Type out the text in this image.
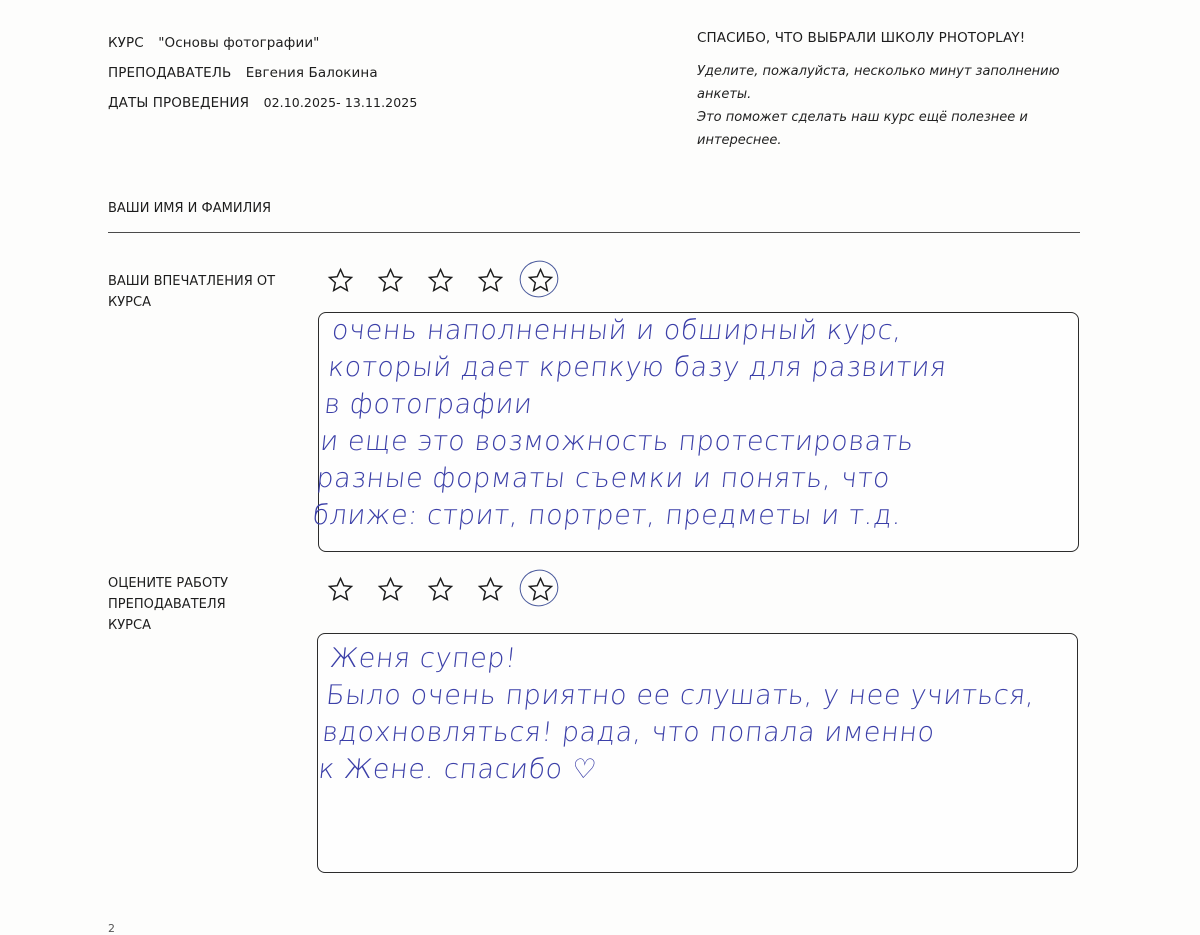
КУРС "Основы фотографии"
ПРЕПОДАВАТЕЛЬ Евгения Балокина
ДАТЫ ПРОВЕДЕНИЯ 02.10.2025- 13.11.2025
СПАСИБО, ЧТО ВЫБРАЛИ ШКОЛУ PHOTOPLAY!
Уделите, пожалуйста, несколько минут заполнению
анкеты.
Это поможет сделать наш курс ещё полезнее и
интереснее.
ВАШИ ИМЯ И ФАМИЛИЯ
ВАШИ ВПЕЧАТЛЕНИЯ ОТ
КУРСА
очень наполненный и обширный курс,
который дает крепкую базу для развития
в фотографии
и еще это возможность протестировать
разные форматы съемки и понять, что
ближе: стрит, портрет, предметы и т.д.
ОЦЕНИТЕ РАБОТУ
ПРЕПОДАВАТЕЛЯ
КУРСА
Женя супер!
Было очень приятно ее слушать, у нее учиться,
вдохновляться! рада, что попала именно
к Жене. спасибо ♡
2
